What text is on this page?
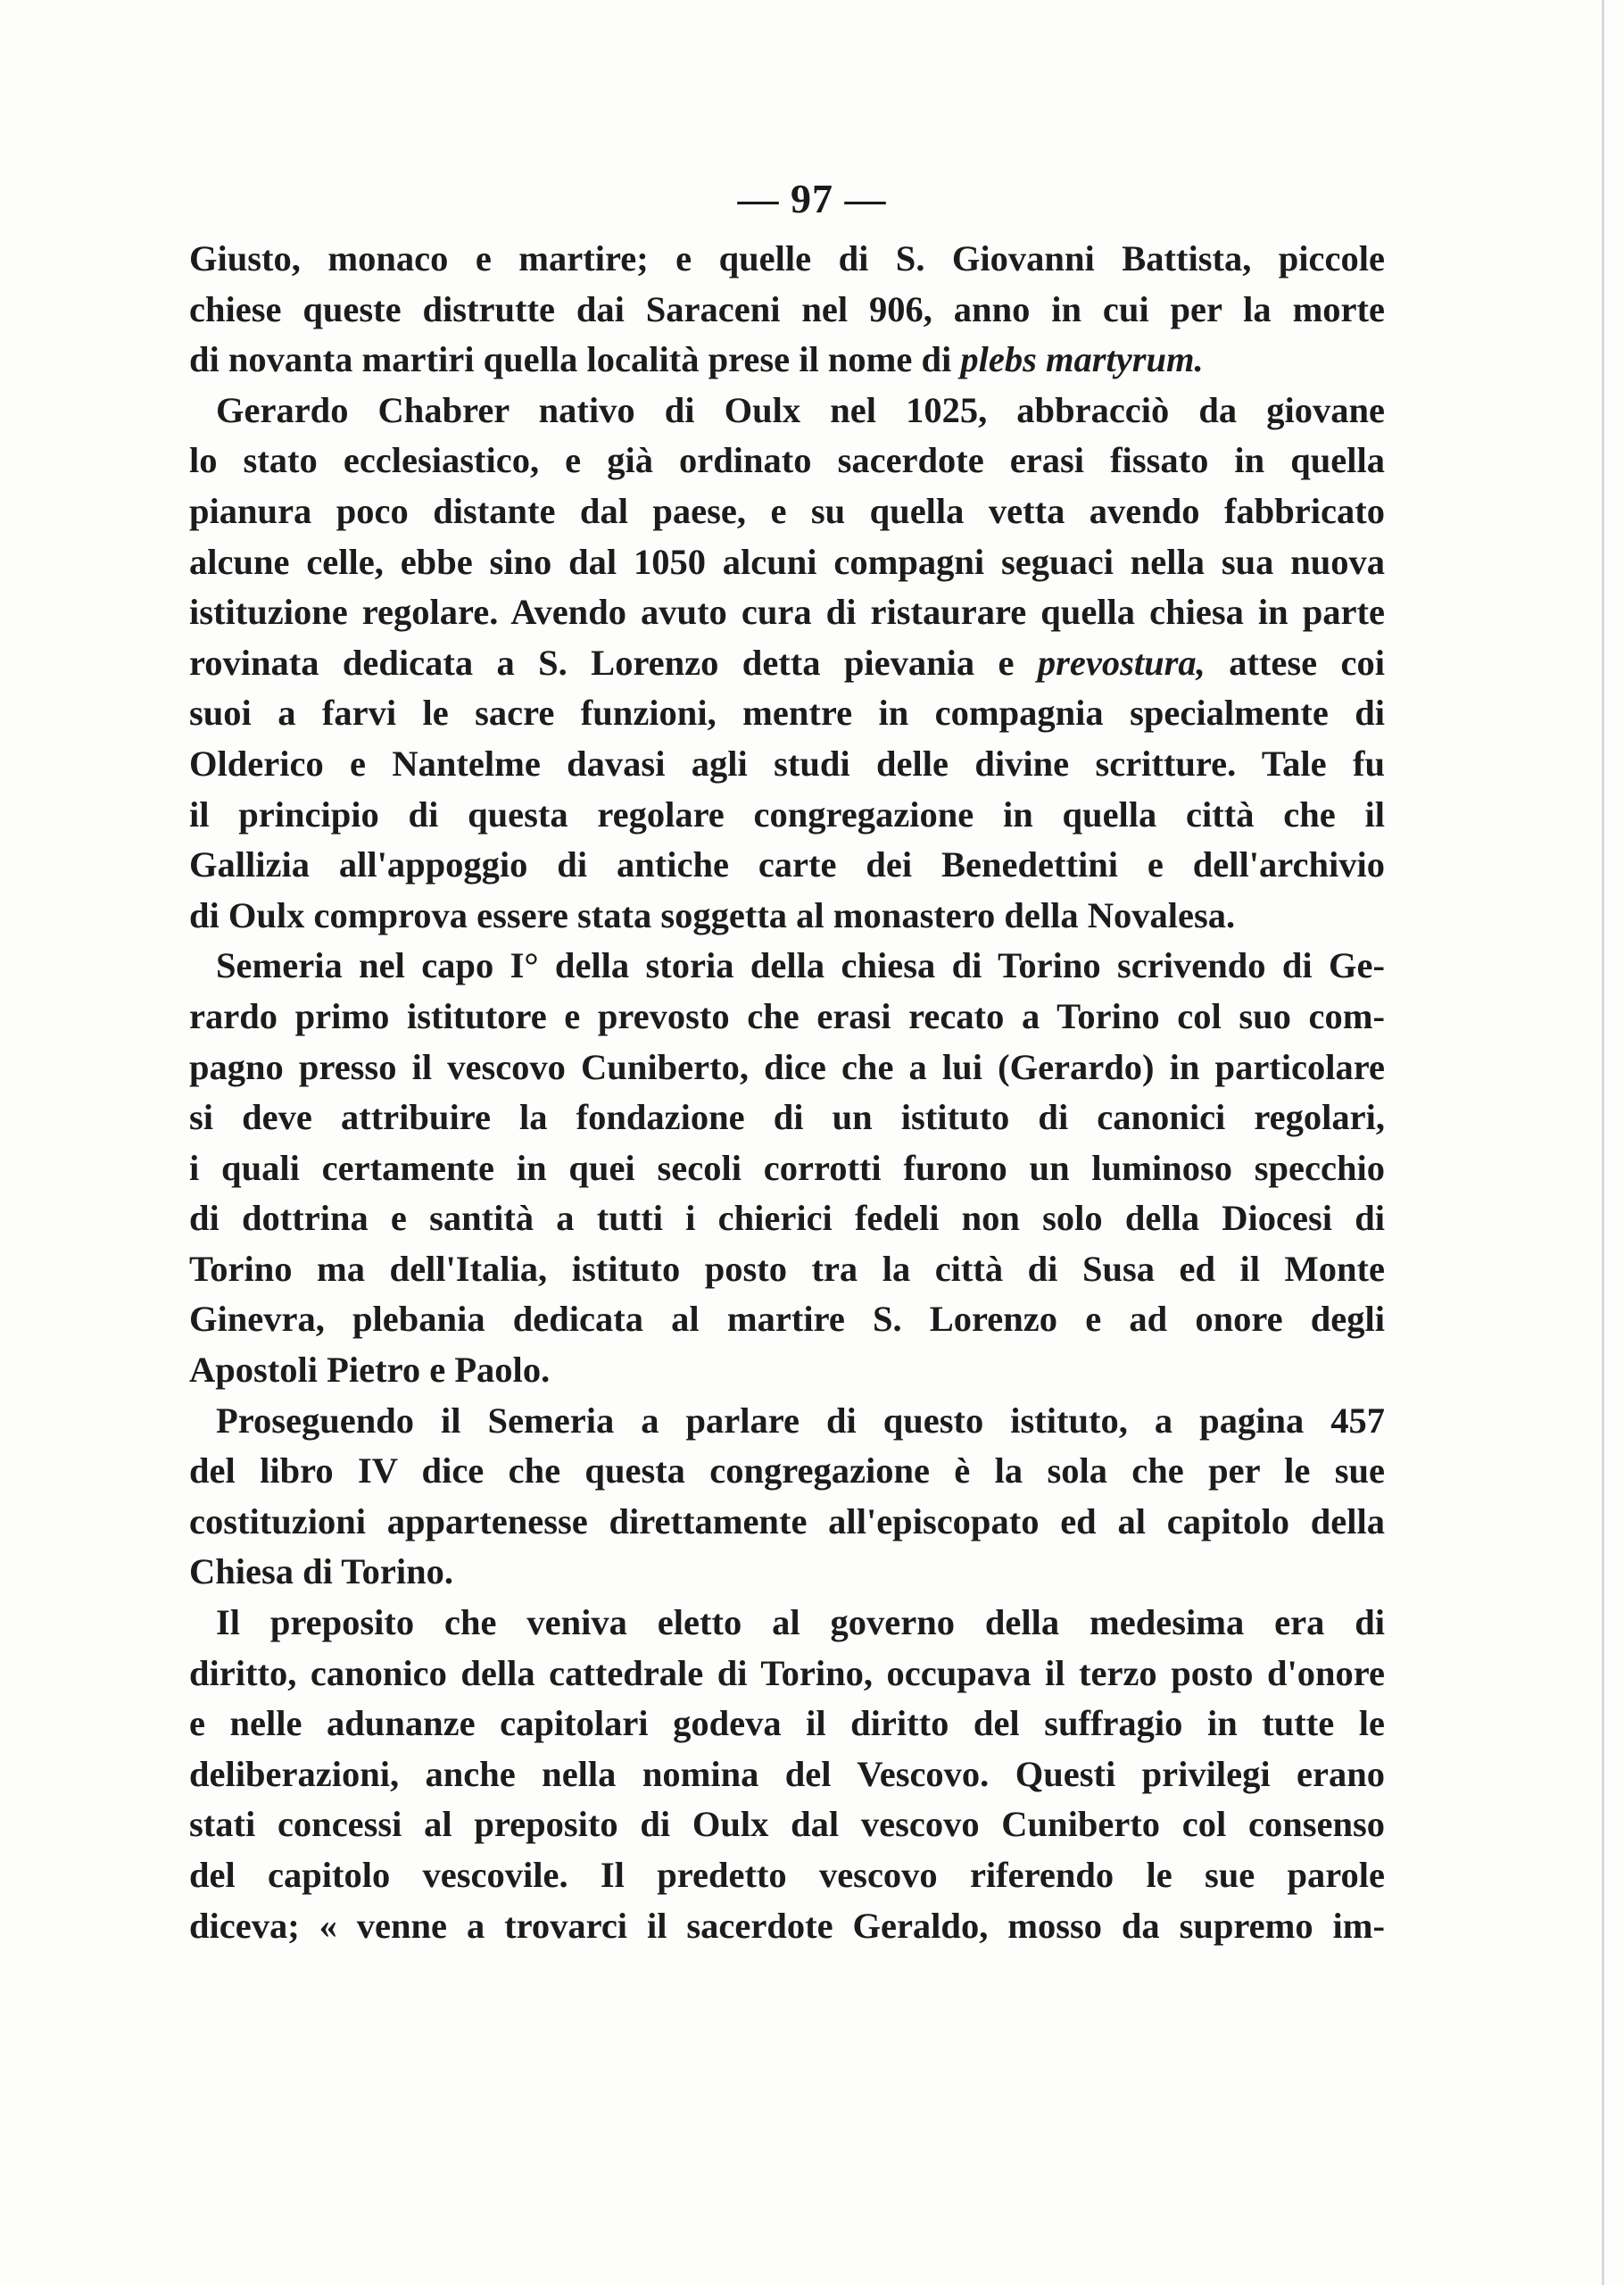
— 97 —
Giusto, monaco e martire; e quelle di S. Giovanni Battista, piccole
chiese queste distrutte dai Saraceni nel 906, anno in cui per la morte
di novanta martiri quella località prese il nome di plebs martyrum.
Gerardo Chabrer nativo di Oulx nel 1025, abbracciò da giovane
lo stato ecclesiastico, e già ordinato sacerdote erasi fissato in quella
pianura poco distante dal paese, e su quella vetta avendo fabbricato
alcune celle, ebbe sino dal 1050 alcuni compagni seguaci nella sua nuova
istituzione regolare. Avendo avuto cura di ristaurare quella chiesa in parte
rovinata dedicata a S. Lorenzo detta pievania e prevostura, attese coi
suoi a farvi le sacre funzioni, mentre in compagnia specialmente di
Olderico e Nantelme davasi agli studi delle divine scritture. Tale fu
il principio di questa regolare congregazione in quella città che il
Gallizia all'appoggio di antiche carte dei Benedettini e dell'archivio
di Oulx comprova essere stata soggetta al monastero della Novalesa.
Semeria nel capo I° della storia della chiesa di Torino scrivendo di Ge-
rardo primo istitutore e prevosto che erasi recato a Torino col suo com-
pagno presso il vescovo Cuniberto, dice che a lui (Gerardo) in particolare
si deve attribuire la fondazione di un istituto di canonici regolari,
i quali certamente in quei secoli corrotti furono un luminoso specchio
di dottrina e santità a tutti i chierici fedeli non solo della Diocesi di
Torino ma dell'Italia, istituto posto tra la città di Susa ed il Monte
Ginevra, plebania dedicata al martire S. Lorenzo e ad onore degli
Apostoli Pietro e Paolo.
Proseguendo il Semeria a parlare di questo istituto, a pagina 457
del libro IV dice che questa congregazione è la sola che per le sue
costituzioni appartenesse direttamente all'episcopato ed al capitolo della
Chiesa di Torino.
Il preposito che veniva eletto al governo della medesima era di
diritto, canonico della cattedrale di Torino, occupava il terzo posto d'onore
e nelle adunanze capitolari godeva il diritto del suffragio in tutte le
deliberazioni, anche nella nomina del Vescovo. Questi privilegi erano
stati concessi al preposito di Oulx dal vescovo Cuniberto col consenso
del capitolo vescovile. Il predetto vescovo riferendo le sue parole
diceva; « venne a trovarci il sacerdote Geraldo, mosso da supremo im-
